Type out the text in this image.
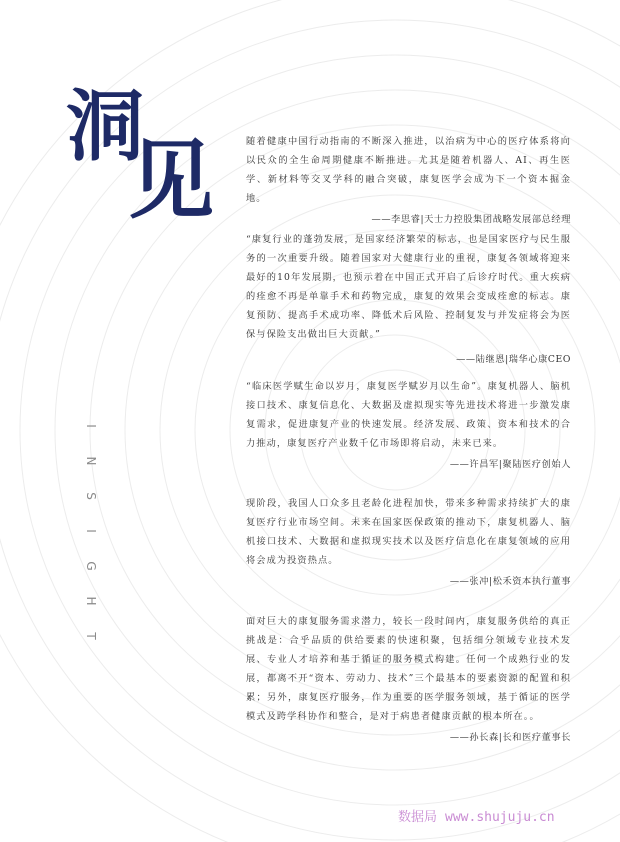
洞
见
I
N
S
I
G
H
T

随着健康中国行动指南的不断深入推进，以治病为中心的医疗体系将向以民众的全生命周期健康不断推进。尤其是随着机器人、AI、再生医学、新材料等交叉学科的融合突破，康复医学会成为下一个资本掘金地。

——李思睿|天士力控股集团战略发展部总经理

“康复行业的蓬勃发展，是国家经济繁荣的标志，也是国家医疗与民生服务的一次重要升级。随着国家对大健康行业的重视，康复各领域将迎来最好的10年发展期，也预示着在中国正式开启了后诊疗时代。重大疾病的痊愈不再是单靠手术和药物完成，康复的效果会变成痊愈的标志。康复预防、提高手术成功率、降低术后风险、控制复发与并发症将会为医保与保险支出做出巨大贡献。”

——陆继恩|瑞华心康CEO

“临床医学赋生命以岁月，康复医学赋岁月以生命”。康复机器人、脑机接口技术、康复信息化、大数据及虚拟现实等先进技术将进一步激发康复需求，促进康复产业的快速发展。经济发展、政策、资本和技术的合力推动，康复医疗产业数千亿市场即将启动，未来已来。

——许昌军|聚陆医疗创始人

现阶段，我国人口众多且老龄化进程加快，带来多种需求持续扩大的康复医疗行业市场空间。未来在国家医保政策的推动下，康复机器人、脑机接口技术、大数据和虚拟现实技术以及医疗信息化在康复领域的应用将会成为投资热点。

——张冲|松禾资本执行董事

面对巨大的康复服务需求潜力，较长一段时间内，康复服务供给的真正挑战是：合乎品质的供给要素的快速积聚，包括细分领域专业技术发展、专业人才培养和基于循证的服务模式构建。任何一个成熟行业的发展，都离不开“资本、劳动力、技术”三个最基本的要素资源的配置和积累；另外，康复医疗服务，作为重要的医学服务领域，基于循证的医学模式及跨学科协作和整合，是对于病患者健康贡献的根本所在。。

——孙长森|长和医疗董事长

数据局 www.shujuju.cn
